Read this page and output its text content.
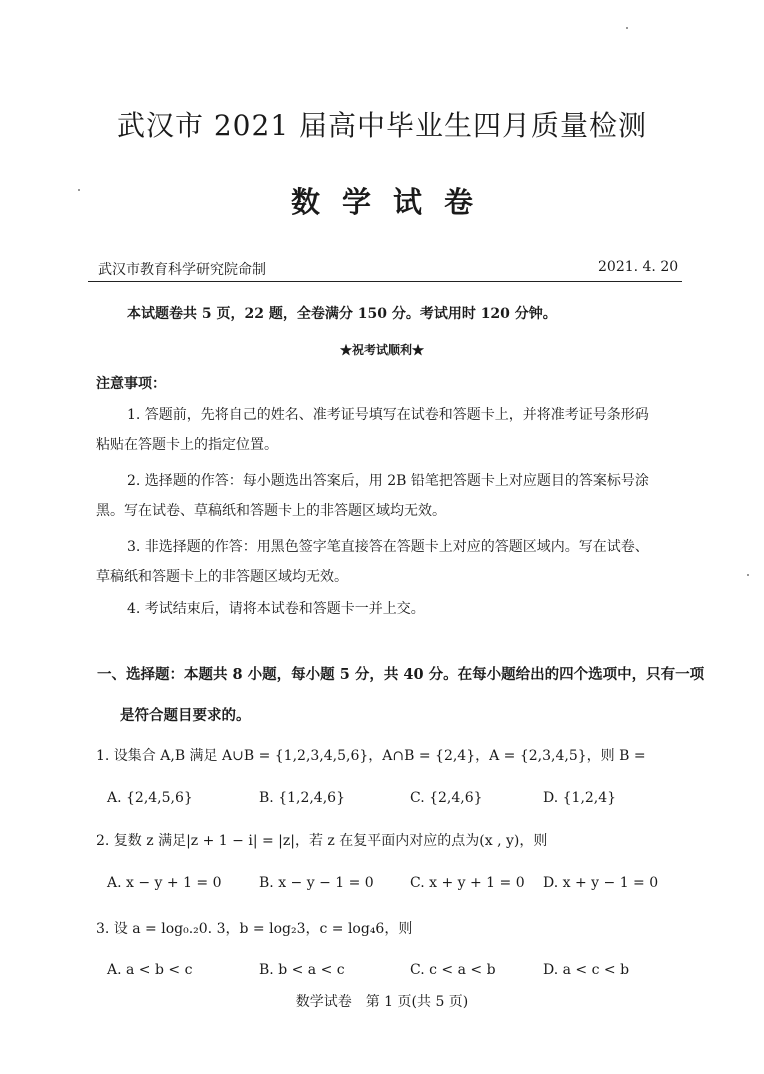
武汉市 2021 届高中毕业生四月质量检测
数学试卷
武汉市教育科学研究院命制	2021. 4. 20
本试题卷共 5 页，22 题，全卷满分 150 分。考试用时 120 分钟。
★祝考试顺利★
注意事项：
1. 答题前，先将自己的姓名、准考证号填写在试卷和答题卡上，并将准考证号条形码
粘贴在答题卡上的指定位置。
2. 选择题的作答：每小题选出答案后，用 2B 铅笔把答题卡上对应题目的答案标号涂
黑。写在试卷、草稿纸和答题卡上的非答题区域均无效。
3. 非选择题的作答：用黑色签字笔直接答在答题卡上对应的答题区域内。写在试卷、
草稿纸和答题卡上的非答题区域均无效。
4. 考试结束后，请将本试卷和答题卡一并上交。
一、选择题：本题共 8 小题，每小题 5 分，共 40 分。在每小题给出的四个选项中，只有一项
是符合题目要求的。
1. 设集合 A,B 满足 A∪B = {1,2,3,4,5,6}，A∩B = {2,4}，A = {2,3,4,5}，则 B =
A. {2,4,5,6}	B. {1,2,4,6}	C. {2,4,6}	D. {1,2,4}
2. 复数 z 满足|z + 1 − i| = |z|，若 z 在复平面内对应的点为(x , y)，则
A. x − y + 1 = 0	B. x − y − 1 = 0	C. x + y + 1 = 0 D. x + y − 1 = 0
3. 设 a = log₀.₂0. 3，b = log₂3，c = log₄6，则
A. a < b < c	B. b < a < c	C. c < a < b	D. a < c < b
数学试卷　第 1 页(共 5 页)
